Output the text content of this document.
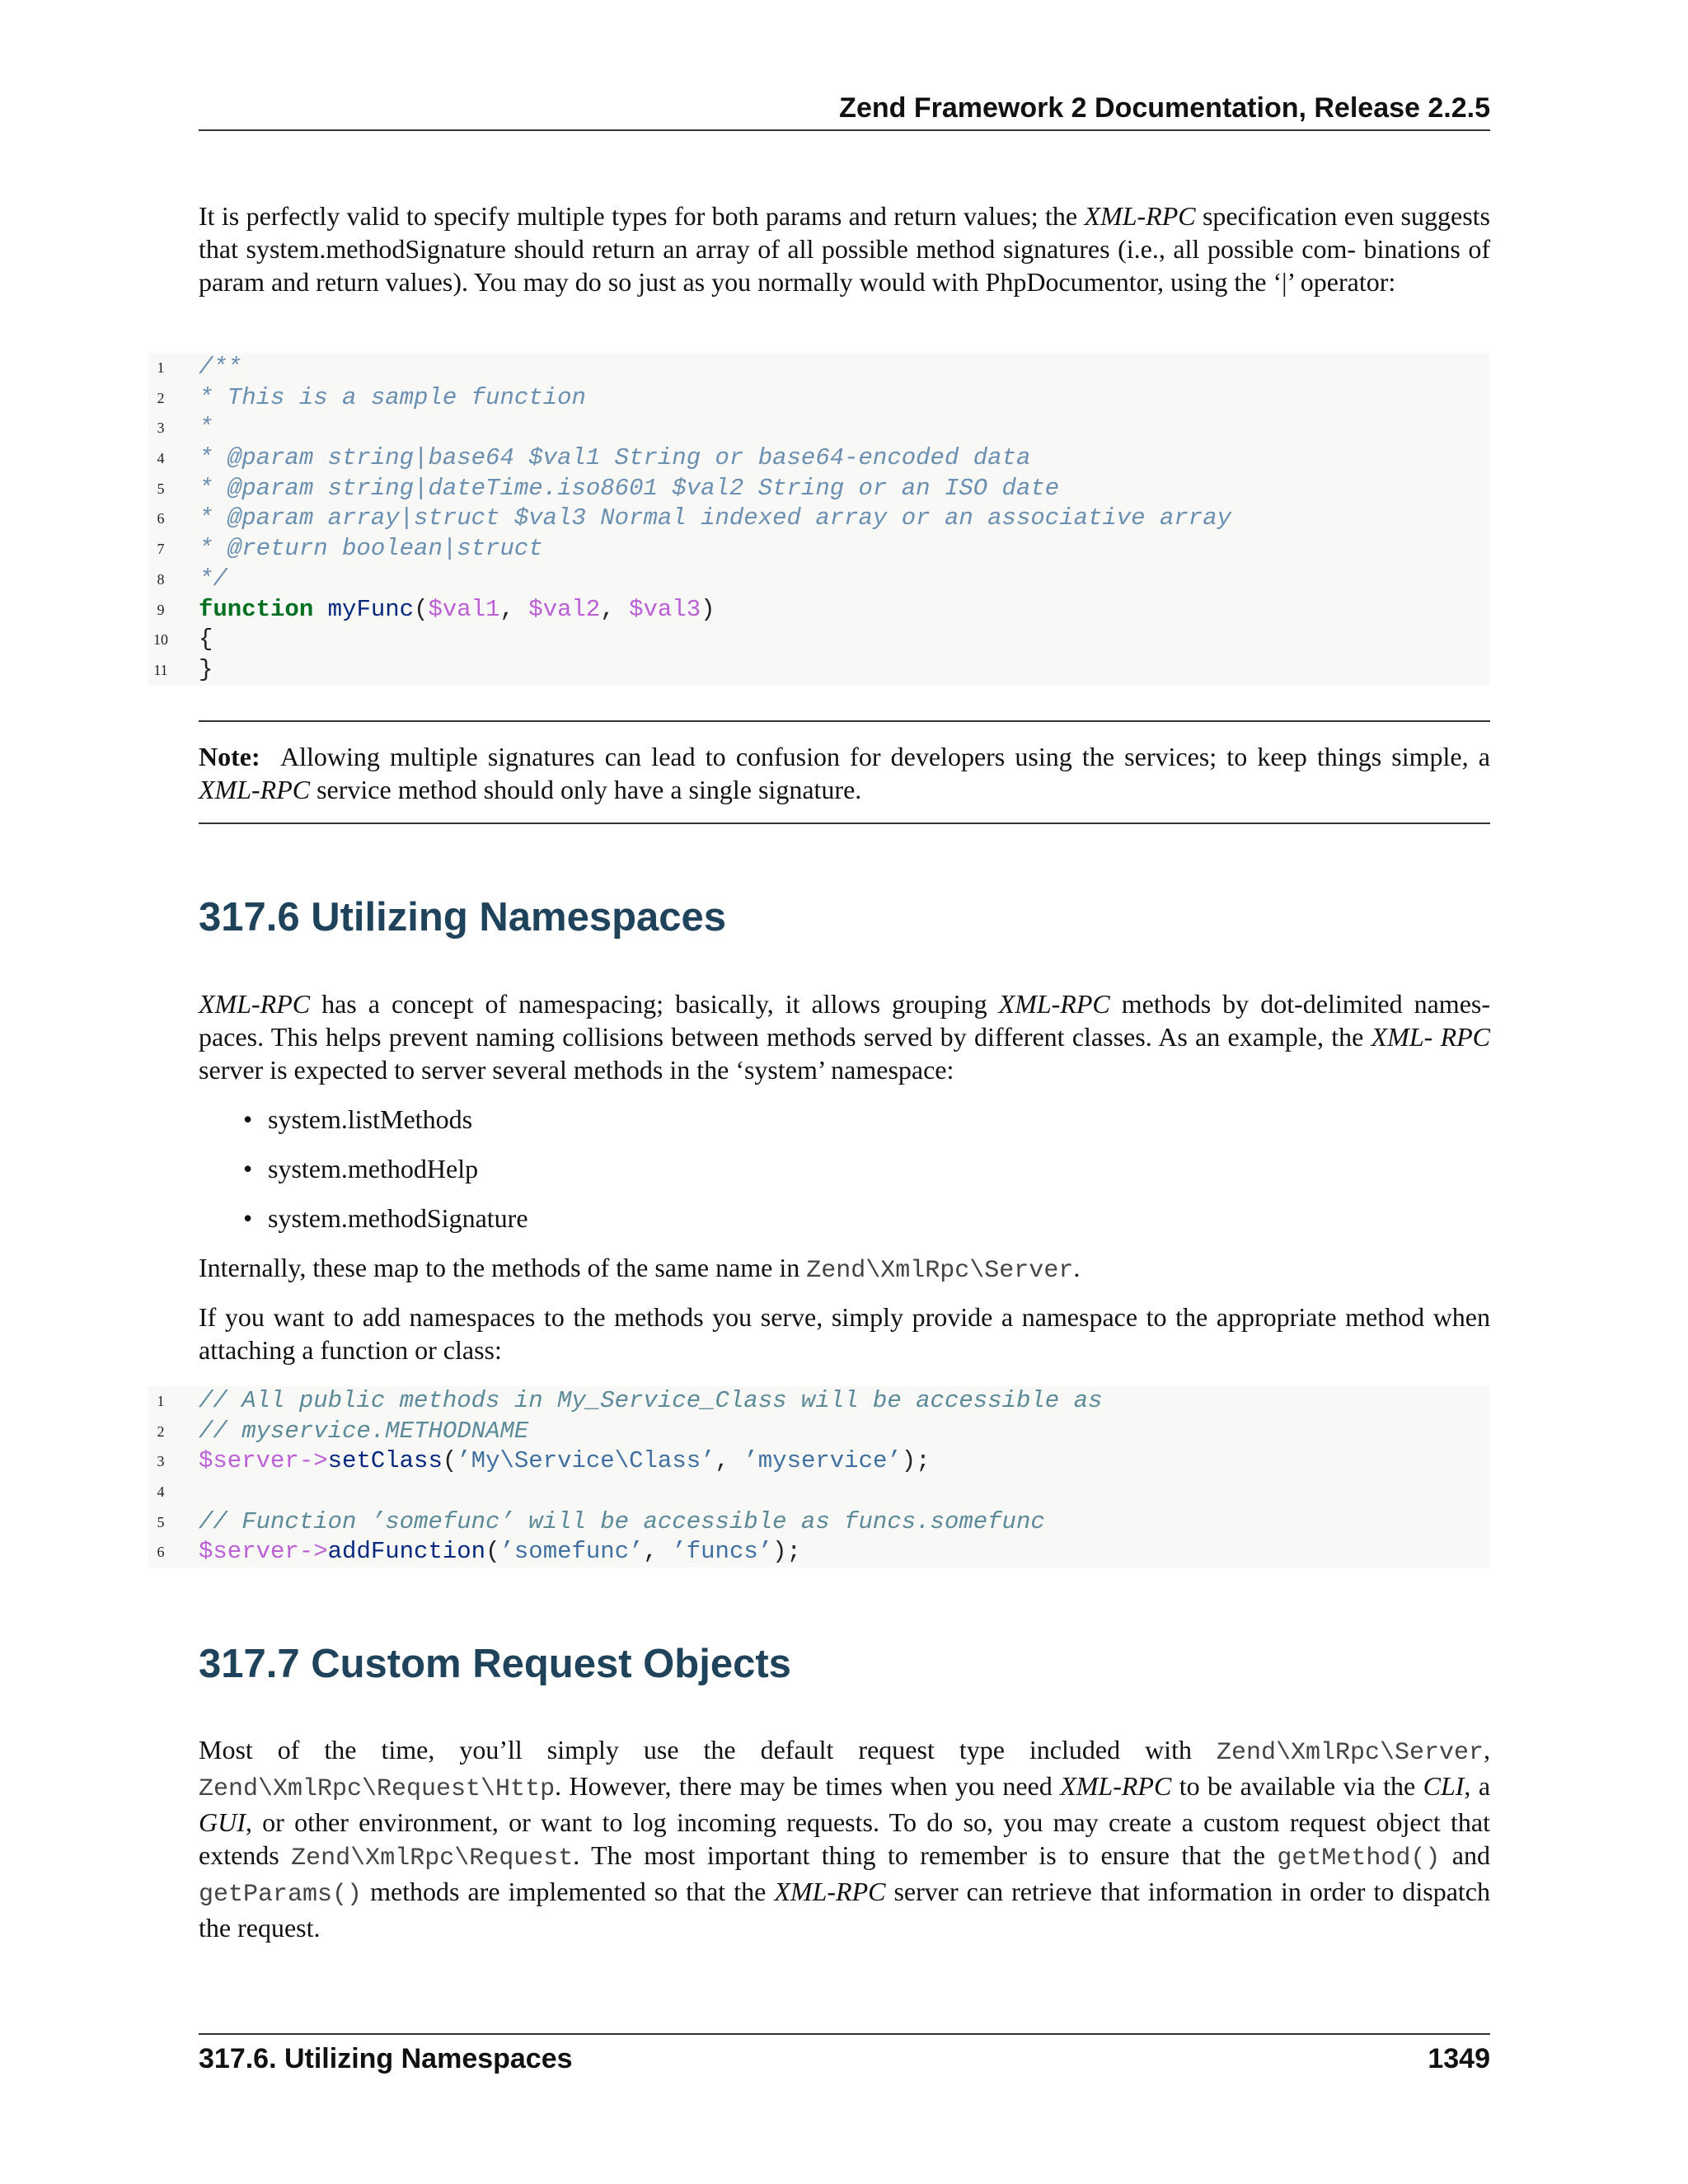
Zend Framework 2 Documentation, Release 2.2.5

It is perfectly valid to specify multiple types for both params and return values; the XML-RPC specification even suggests that system.methodSignature should return an array of all possible method signatures (i.e., all possible com- binations of param and return values). You may do so just as you normally would with PhpDocumentor, using the ‘|’ operator:

1	/**
2	* This is a sample function
3	*
4	* @param string|base64 $val1 String or base64-encoded data
5	* @param string|dateTime.iso8601 $val2 String or an ISO date
6	* @param array|struct $val3 Normal indexed array or an associative array
7	* @return boolean|struct
8	*/
9	function myFunc($val1, $val2, $val3)
10 {
11 }
Note: Allowing multiple signatures can lead to confusion for developers using the services; to keep things simple, a XML-RPC service method should only have a single signature.
317.6 Utilizing Namespaces

XML-RPC has a concept of namespacing; basically, it allows grouping XML-RPC methods by dot-delimited names- paces. This helps prevent naming collisions between methods served by different classes. As an example, the XML- RPC server is expected to server several methods in the ‘system’ namespace:

• system.listMethods
• system.methodHelp
• system.methodSignature

Internally, these map to the methods of the same name in Zend\XmlRpc\Server.

If you want to add namespaces to the methods you serve, simply provide a namespace to the appropriate method when attaching a function or class:

1	// All public methods in My_Service_Class will be accessible as
2	// myservice.METHODNAME
3	$server->setClass(’My\Service\Class’, ’myservice’);
4
5	// Function ’somefunc’ will be accessible as funcs.somefunc
6	$server->addFunction(’somefunc’, ’funcs’);
317.7 Custom Request Objects

Most of the time, you’ll simply use the default request type included with Zend\XmlRpc\Server, Zend\XmlRpc\Request\Http. However, there may be times when you need XML-RPC to be available via the CLI, a GUI, or other environment, or want to log incoming requests. To do so, you may create a custom request object that extends Zend\XmlRpc\Request. The most important thing to remember is to ensure that the getMethod() and getParams() methods are implemented so that the XML-RPC server can retrieve that information in order to dispatch the request.

317.6. Utilizing Namespaces	1349
